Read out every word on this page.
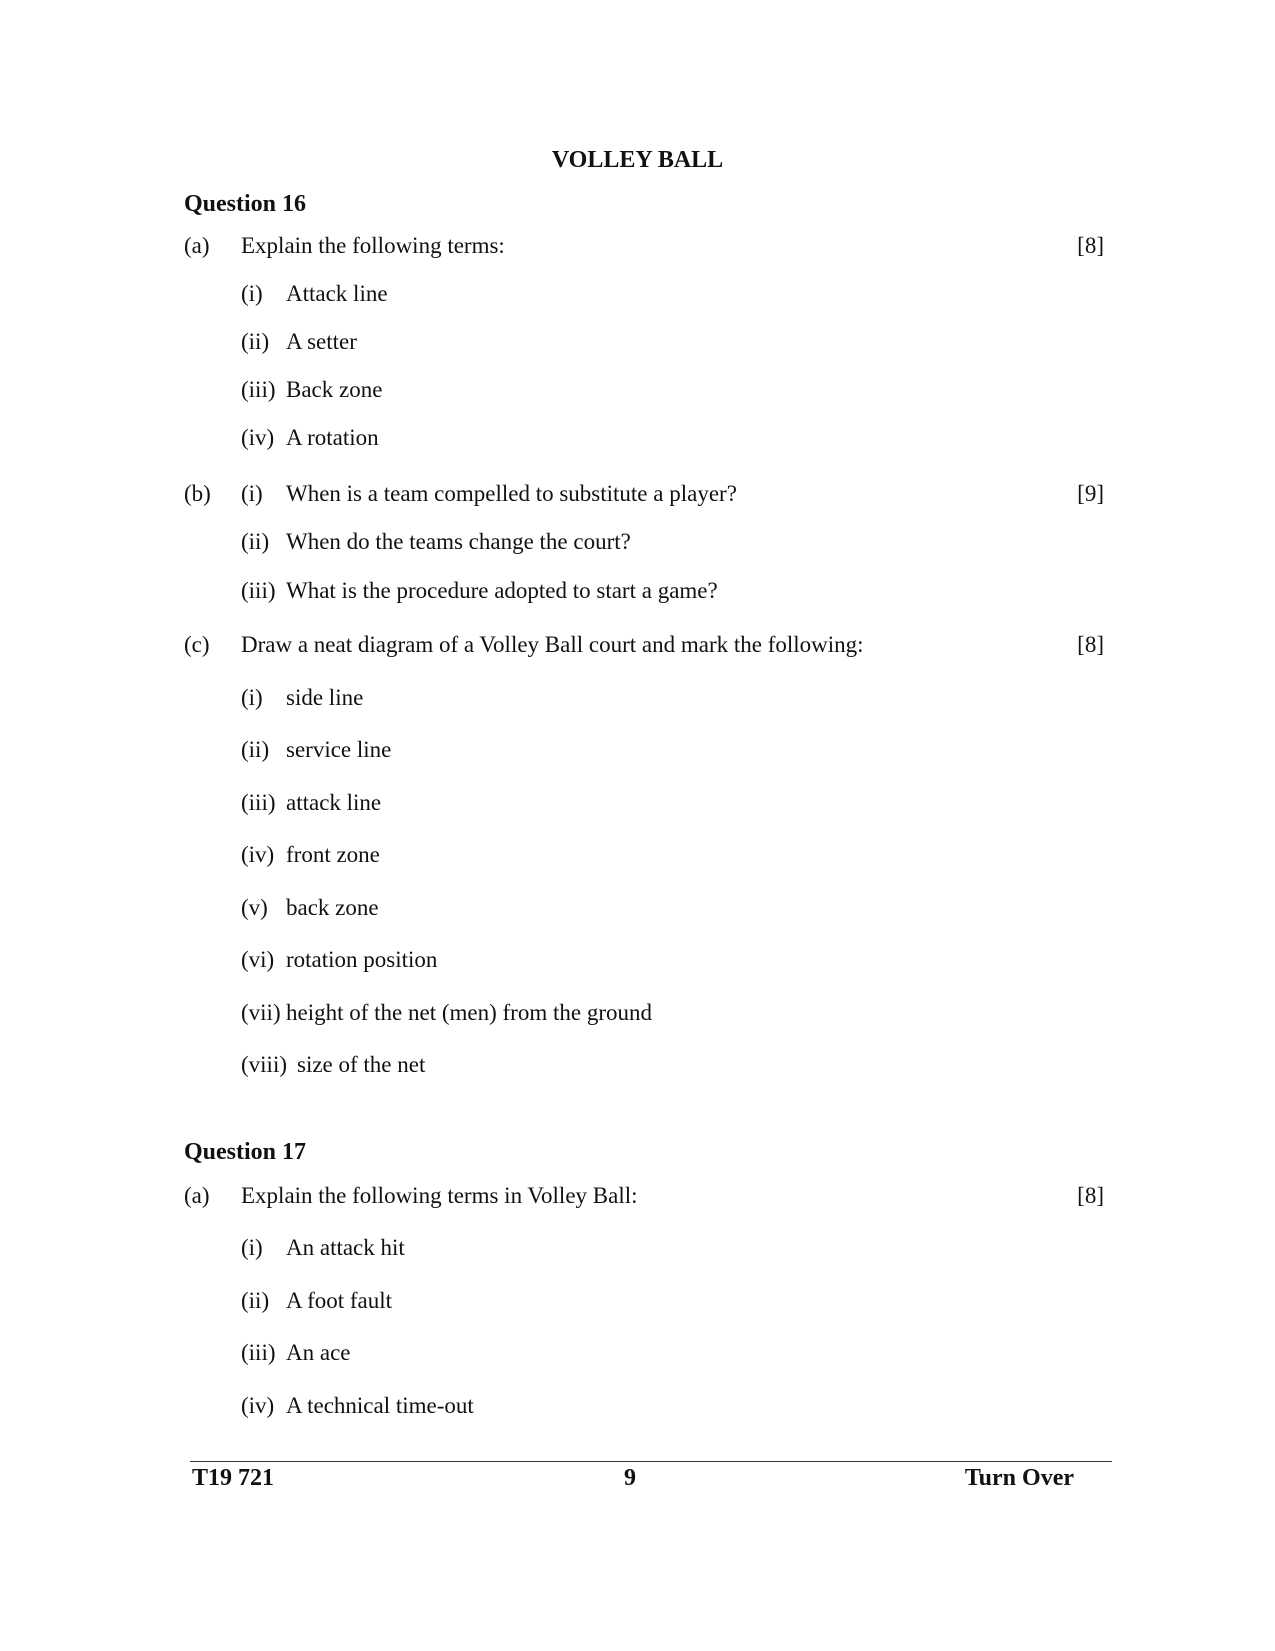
VOLLEY BALL
Question 16
(a) Explain the following terms:	[8]
(i) Attack line
(ii) A setter
(iii) Back zone
(iv) A rotation
(b)	[9]
(i) When is a team compelled to substitute a player?
(ii) When do the teams change the court?
(iii) What is the procedure adopted to start a game?
(c) Draw a neat diagram of a Volley Ball court and mark the following:	[8]
(i) side line
(ii) service line
(iii) attack line
(iv) front zone
(v) back zone
(vi) rotation position
(vii) height of the net (men) from the ground
(viii) size of the net
Question 17
(a) Explain the following terms in Volley Ball:	[8]
(i) An attack hit
(ii) A foot fault
(iii) An ace
(iv) A technical time-out
T19 721	9	Turn Over
